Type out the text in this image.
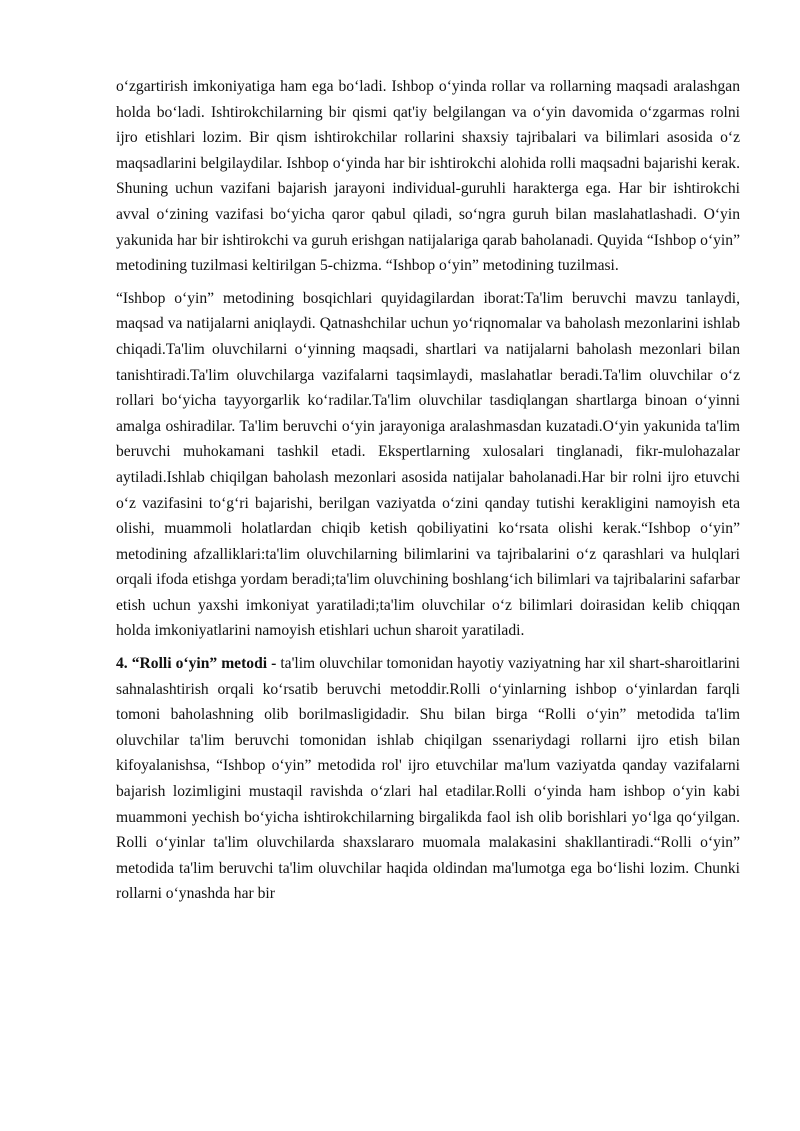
o‘zgartirish imkoniyatiga ham ega bo‘ladi. Ishbop o‘yinda rollar va rollarning maqsadi aralashgan holda bo‘ladi. Ishtirokchilarning bir qismi qat'iy belgilangan va o‘yin davomida o‘zgarmas rolni ijro etishlari lozim. Bir qism ishtirokchilar rollarini shaxsiy tajribalari va bilimlari asosida o‘z maqsadlarini belgilaydilar. Ishbop o‘yinda har bir ishtirokchi alohida rolli maqsadni bajarishi kerak. Shuning uchun vazifani bajarish jarayoni individual-guruhli harakterga ega. Har bir ishtirokchi avval o‘zining vazifasi bo‘yicha qaror qabul qiladi, so‘ngra guruh bilan maslahatlashadi. O‘yin yakunida har bir ishtirokchi va guruh erishgan natijalariga qarab baholanadi. Quyida “Ishbop o‘yin” metodining tuzilmasi keltirilgan 5-chizma. “Ishbop o‘yin” metodining tuzilmasi.

“Ishbop o‘yin” metodining bosqichlari quyidagilardan iborat:Ta'lim beruvchi mavzu tanlaydi, maqsad va natijalarni aniqlaydi. Qatnashchilar uchun yo‘riqnomalar va baholash mezonlarini ishlab chiqadi.Ta'lim oluvchilarni o‘yinning maqsadi, shartlari va natijalarni baholash mezonlari bilan tanishtiradi.Ta'lim oluvchilarga vazifalarni taqsimlaydi, maslahatlar beradi.Ta'lim oluvchilar o‘z rollari bo‘yicha tayyorgarlik ko‘radilar.Ta'lim oluvchilar tasdiqlangan shartlarga binoan o‘yinni amalga oshiradilar. Ta'lim beruvchi o‘yin jarayoniga aralashmasdan kuzatadi.O‘yin yakunida ta'lim beruvchi muhokamani tashkil etadi. Ekspertlarning xulosalari tinglanadi, fikr-mulohazalar aytiladi.Ishlab chiqilgan baholash mezonlari asosida natijalar baholanadi.Har bir rolni ijro etuvchi o‘z vazifasini to‘g‘ri bajarishi, berilgan vaziyatda o‘zini qanday tutishi kerakligini namoyish eta olishi, muammoli holatlardan chiqib ketish qobiliyatini ko‘rsata olishi kerak.“Ishbop o‘yin” metodining afzalliklari:ta'lim oluvchilarning bilimlarini va tajribalarini o‘z qarashlari va hulqlari orqali ifoda etishga yordam beradi;ta'lim oluvchining boshlang‘ich bilimlari va tajribalarini safarbar etish uchun yaxshi imkoniyat yaratiladi;ta'lim oluvchilar o‘z bilimlari doirasidan kelib chiqqan holda imkoniyatlarini namoyish etishlari uchun sharoit yaratiladi.

4. “Rolli o‘yin” metodi - ta'lim oluvchilar tomonidan hayotiy vaziyatning har xil shart-sharoitlarini sahnalashtirish orqali ko‘rsatib beruvchi metoddir.Rolli o‘yinlarning ishbop o‘yinlardan farqli tomoni baholashning olib borilmasligidadir. Shu bilan birga “Rolli o‘yin” metodida ta'lim oluvchilar ta'lim beruvchi tomonidan ishlab chiqilgan ssenariydagi rollarni ijro etish bilan kifoyalanishsa, “Ishbop o‘yin” metodida rol' ijro etuvchilar ma'lum vaziyatda qanday vazifalarni bajarish lozimligini mustaqil ravishda o‘zlari hal etadilar.Rolli o‘yinda ham ishbop o‘yin kabi muammoni yechish bo‘yicha ishtirokchilarning birgalikda faol ish olib borishlari yo‘lga qo‘yilgan. Rolli o‘yinlar ta'lim oluvchilarda shaxslararo muomala malakasini shakllantiradi.“Rolli o‘yin” metodida ta'lim beruvchi ta'lim oluvchilar haqida oldindan ma'lumotga ega bo‘lishi lozim. Chunki rollarni o‘ynashda har bir
